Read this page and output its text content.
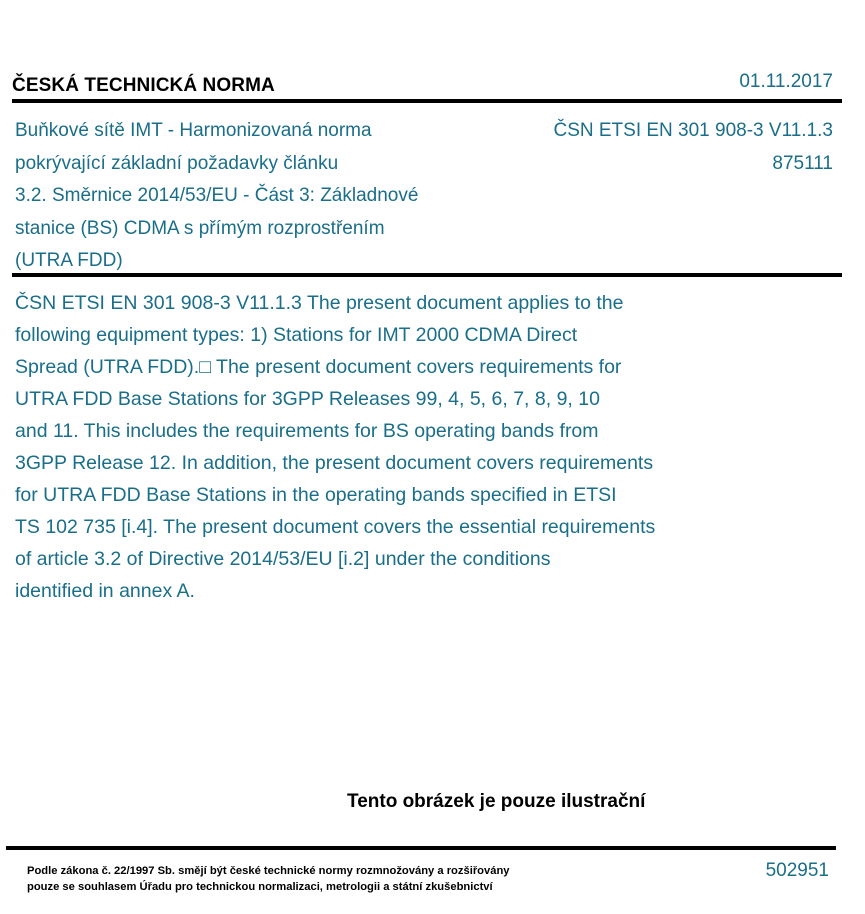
ČESKÁ TECHNICKÁ NORMA	01.11.2017
Buňkové sítě IMT - Harmonizovaná norma
pokrývající základní požadavky článku
3.2. Směrnice 2014/53/EU - Část 3: Základnové
stanice (BS) CDMA s přímým rozprostřením
(UTRA FDD)
ČSN ETSI EN 301 908-3 V11.1.3
875111
ČSN ETSI EN 301 908-3 V11.1.3 The present document applies to the
following equipment types: 1) Stations for IMT 2000 CDMA Direct
Spread (UTRA FDD).□ The present document covers requirements for
UTRA FDD Base Stations for 3GPP Releases 99, 4, 5, 6, 7, 8, 9, 10
and 11. This includes the requirements for BS operating bands from
3GPP Release 12. In addition, the present document covers requirements
for UTRA FDD Base Stations in the operating bands specified in ETSI
TS 102 735 [i.4]. The present document covers the essential requirements
of article 3.2 of Directive 2014/53/EU [i.2] under the conditions
identified in annex A.
Tento obrázek je pouze ilustrační
Podle zákona č. 22/1997 Sb. smějí být české technické normy rozmnožovány a rozšiřovány
pouze se souhlasem Úřadu pro technickou normalizaci, metrologii a státní zkušebnictví
502951
